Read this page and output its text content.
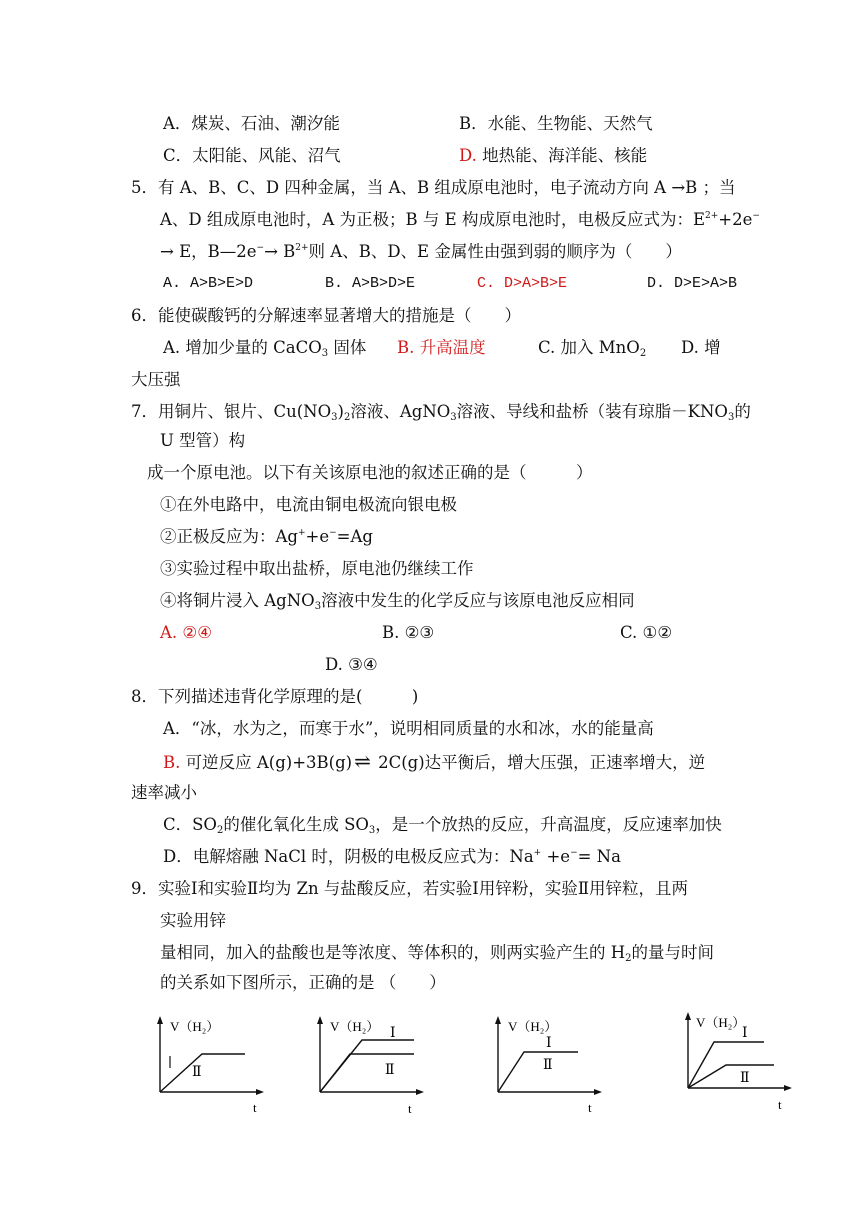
A．煤炭、石油、潮汐能	B．水能、生物能、天然气
C．太阳能、风能、沼气	D. 地热能、海洋能、核能
5．有 A、B、C、D 四种金属，当 A、B 组成原电池时，电子流动方向 A →B ；当
A、D 组成原电池时，A 为正极；B 与 E 构成原电池时，电极反应式为：$E^{2+}+2e^-$
→ E，B—2e−→ $B^{2+}$则 A、B、D、E 金属性由强到弱的顺序为（　　）
A. A>B>E>D	B. A>B>D>E	C. D>A>B>E	D. D>E>A>B
6．能使碳酸钙的分解速率显著增大的措施是（　　）
A. 增加少量的 CaCO$_3$ 固体 B. 升高温度	C. 加入 MnO$_2$ D. 增
大压强
7．用铜片、银片、$Cu(NO_3)_2$溶液、AgNO$_3$溶液、导线和盐桥（装有琼脂$-KNO_3$的
U 型管）构
成一个原电池。以下有关该原电池的叙述正确的是（　　　）
①在外电路中，电流由铜电极流向银电极
②正极反应为：Ag++e−=Ag
③实验过程中取出盐桥，原电池仍继续工作
④将铜片浸入 AgNO$_3$溶液中发生的化学反应与该原电池反应相同
A. ②④	B. ②③	C. ①②
D. ③④
8．下列描述违背化学原理的是(　　　)
A．“冰，水为之，而寒于水”，说明相同质量的水和冰，水的能量高
B. 可逆反应 A(g)+3B(g) ⇌ 2C(g)达平衡后，增大压强，正速率增大，逆
速率减小
C．$SO_2$的催化氧化生成 $SO_3$，是一个放热的反应，升高温度，反应速率加快
D．电解熔融 NaCl 时，阴极的电极反应式为：Na+ +e−= Na
9．实验Ⅰ和实验Ⅱ均为 Zn 与盐酸反应，若实验Ⅰ用锌粉，实验Ⅱ用锌粒，且两
实验用锌
量相同，加入的盐酸也是等浓度、等体积的，则两实验产生的 $H_2$的量与时间
的关系如下图所示，正确的是 （　　）
V（H₂）
Ⅱ
t
V（H₂） Ⅰ
Ⅱ
t
V（H₂）
Ⅰ
Ⅱ
t
V（H₂）
Ⅰ
Ⅱ
t
